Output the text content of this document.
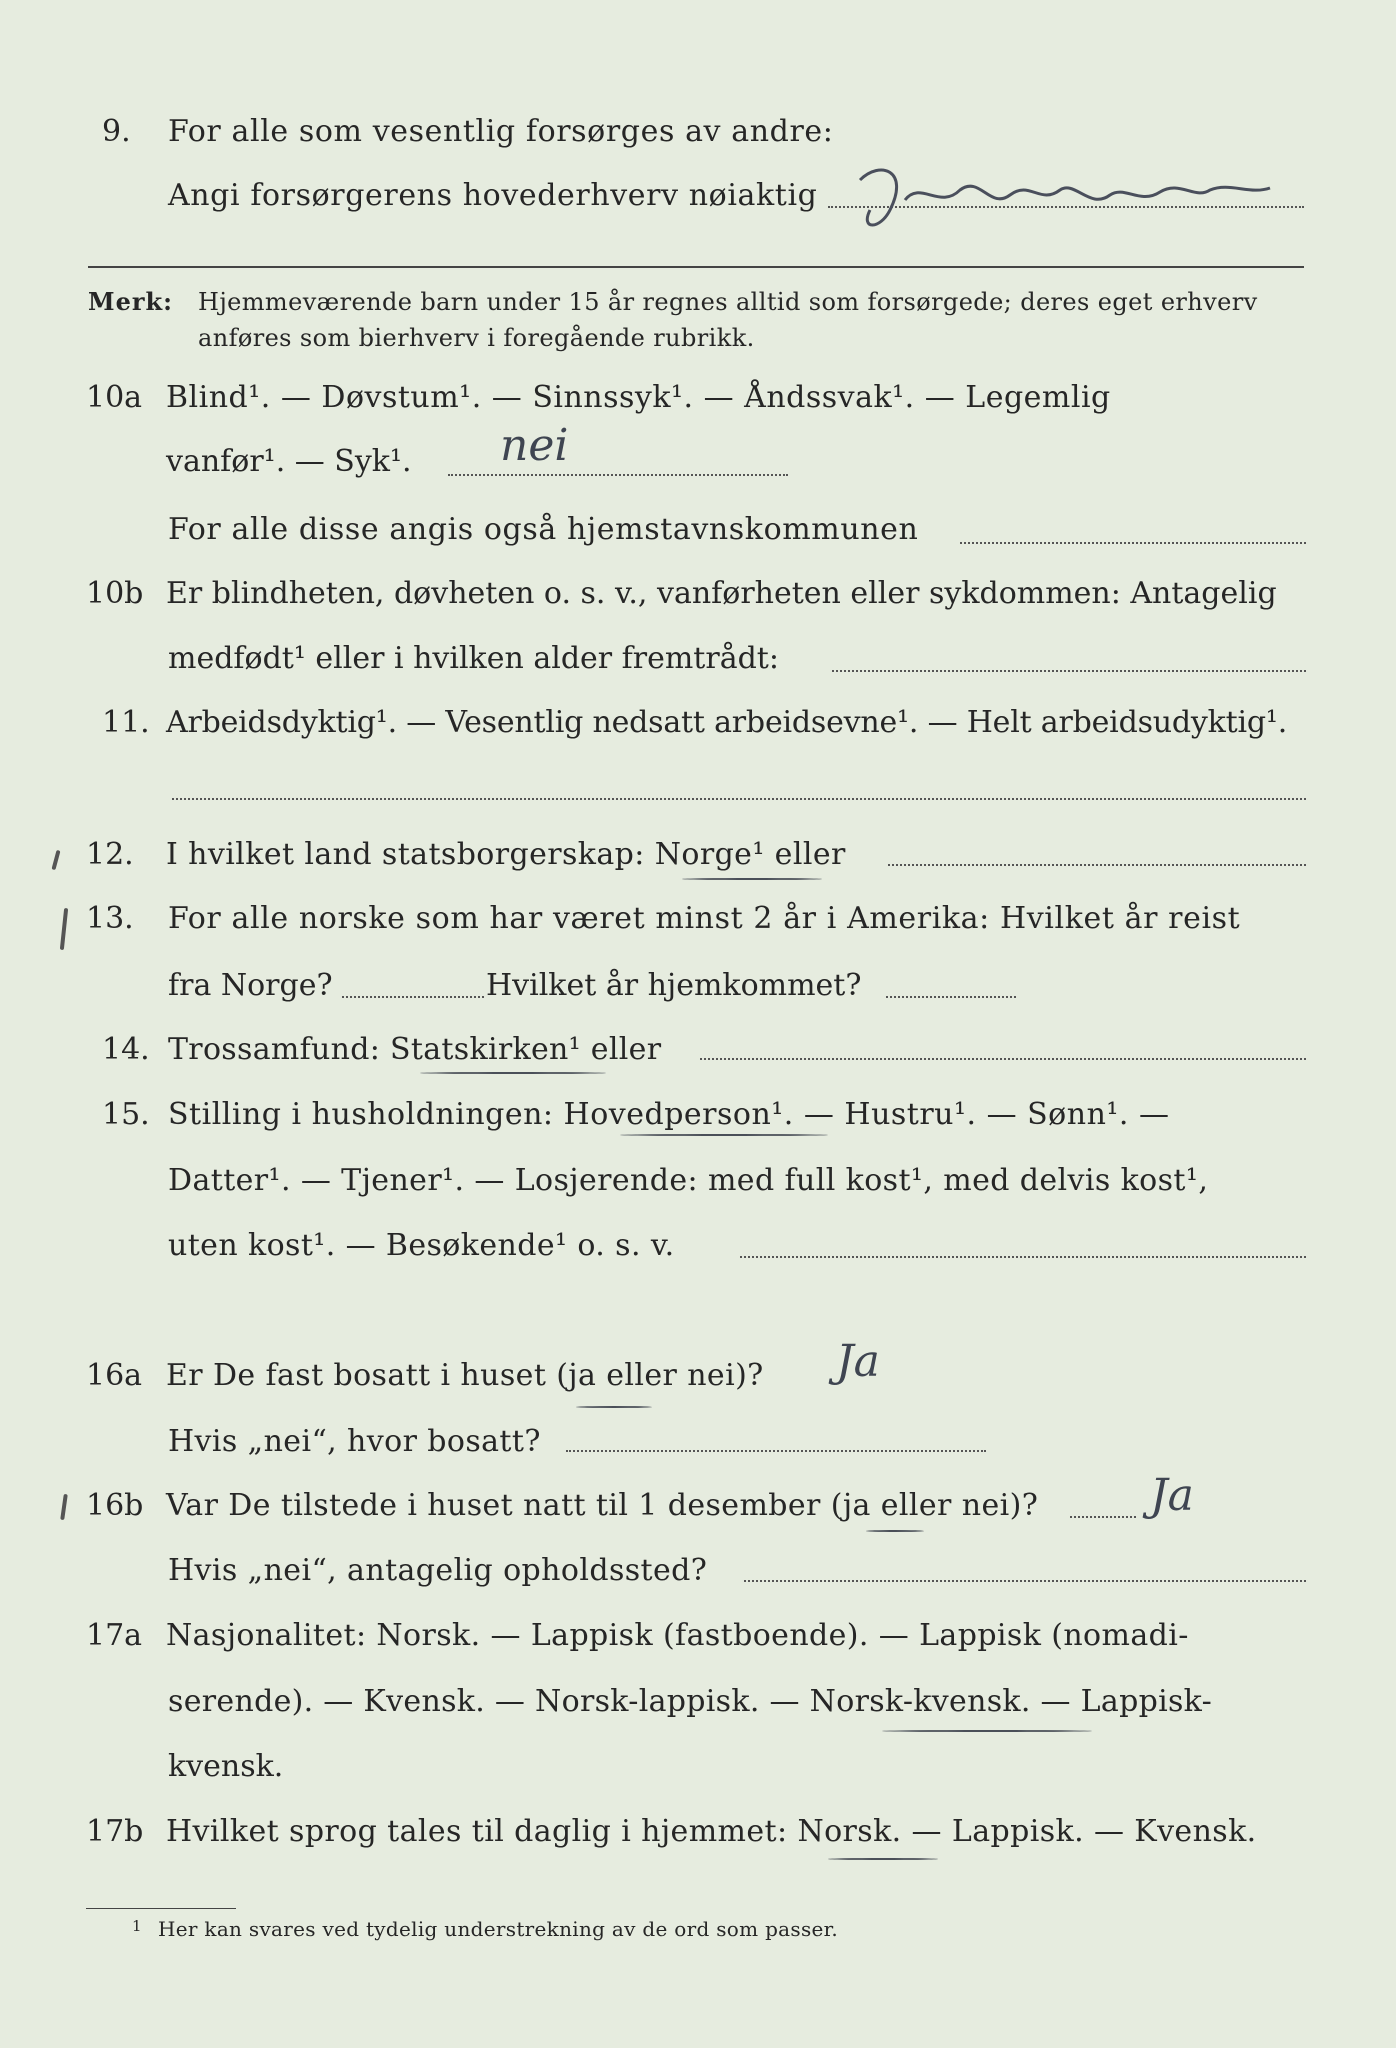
9. For alle som vesentlig forsørges av andre:
Angi forsørgerens hovederhverv nøiaktig
Merk: Hjemmeværende barn under 15 år regnes alltid som forsørgede; deres eget erhverv
anføres som bierhverv i foregående rubrikk.
10a Blind¹. — Døvstum¹. — Sinnssyk¹. — Åndssvak¹. — Legemlig
vanfør¹. — Syk¹. nei
For alle disse angis også hjemstavnskommunen
10b Er blindheten, døvheten o. s. v., vanførheten eller sykdommen: Antagelig
medfødt¹ eller i hvilken alder fremtrådt:
11. Arbeidsdyktig¹. — Vesentlig nedsatt arbeidsevne¹. — Helt arbeidsudyktig¹.
12. I hvilket land statsborgerskap: Norge¹ eller
13. For alle norske som har været minst 2 år i Amerika: Hvilket år reist
fra Norge?	Hvilket år hjemkommet?
14. Trossamfund: Statskirken¹ eller
15. Stilling i husholdningen: Hovedperson¹. — Hustru¹. — Sønn¹. —
Datter¹. — Tjener¹. — Losjerende: med full kost¹, med delvis kost¹,
uten kost¹. — Besøkende¹ o. s. v.
16a Er De fast bosatt i huset (ja eller nei)? Ja
Hvis „nei“, hvor bosatt?
16b Var De tilstede i huset natt til 1 desember (ja eller nei)?	Ja
Hvis „nei“, antagelig opholdssted?
17a Nasjonalitet: Norsk. — Lappisk (fastboende). — Lappisk (nomadi-
serende). — Kvensk. — Norsk-lappisk. — Norsk-kvensk. — Lappisk-
kvensk.
17b Hvilket sprog tales til daglig i hjemmet: Norsk. — Lappisk. — Kvensk.
1 Her kan svares ved tydelig understrekning av de ord som passer.
